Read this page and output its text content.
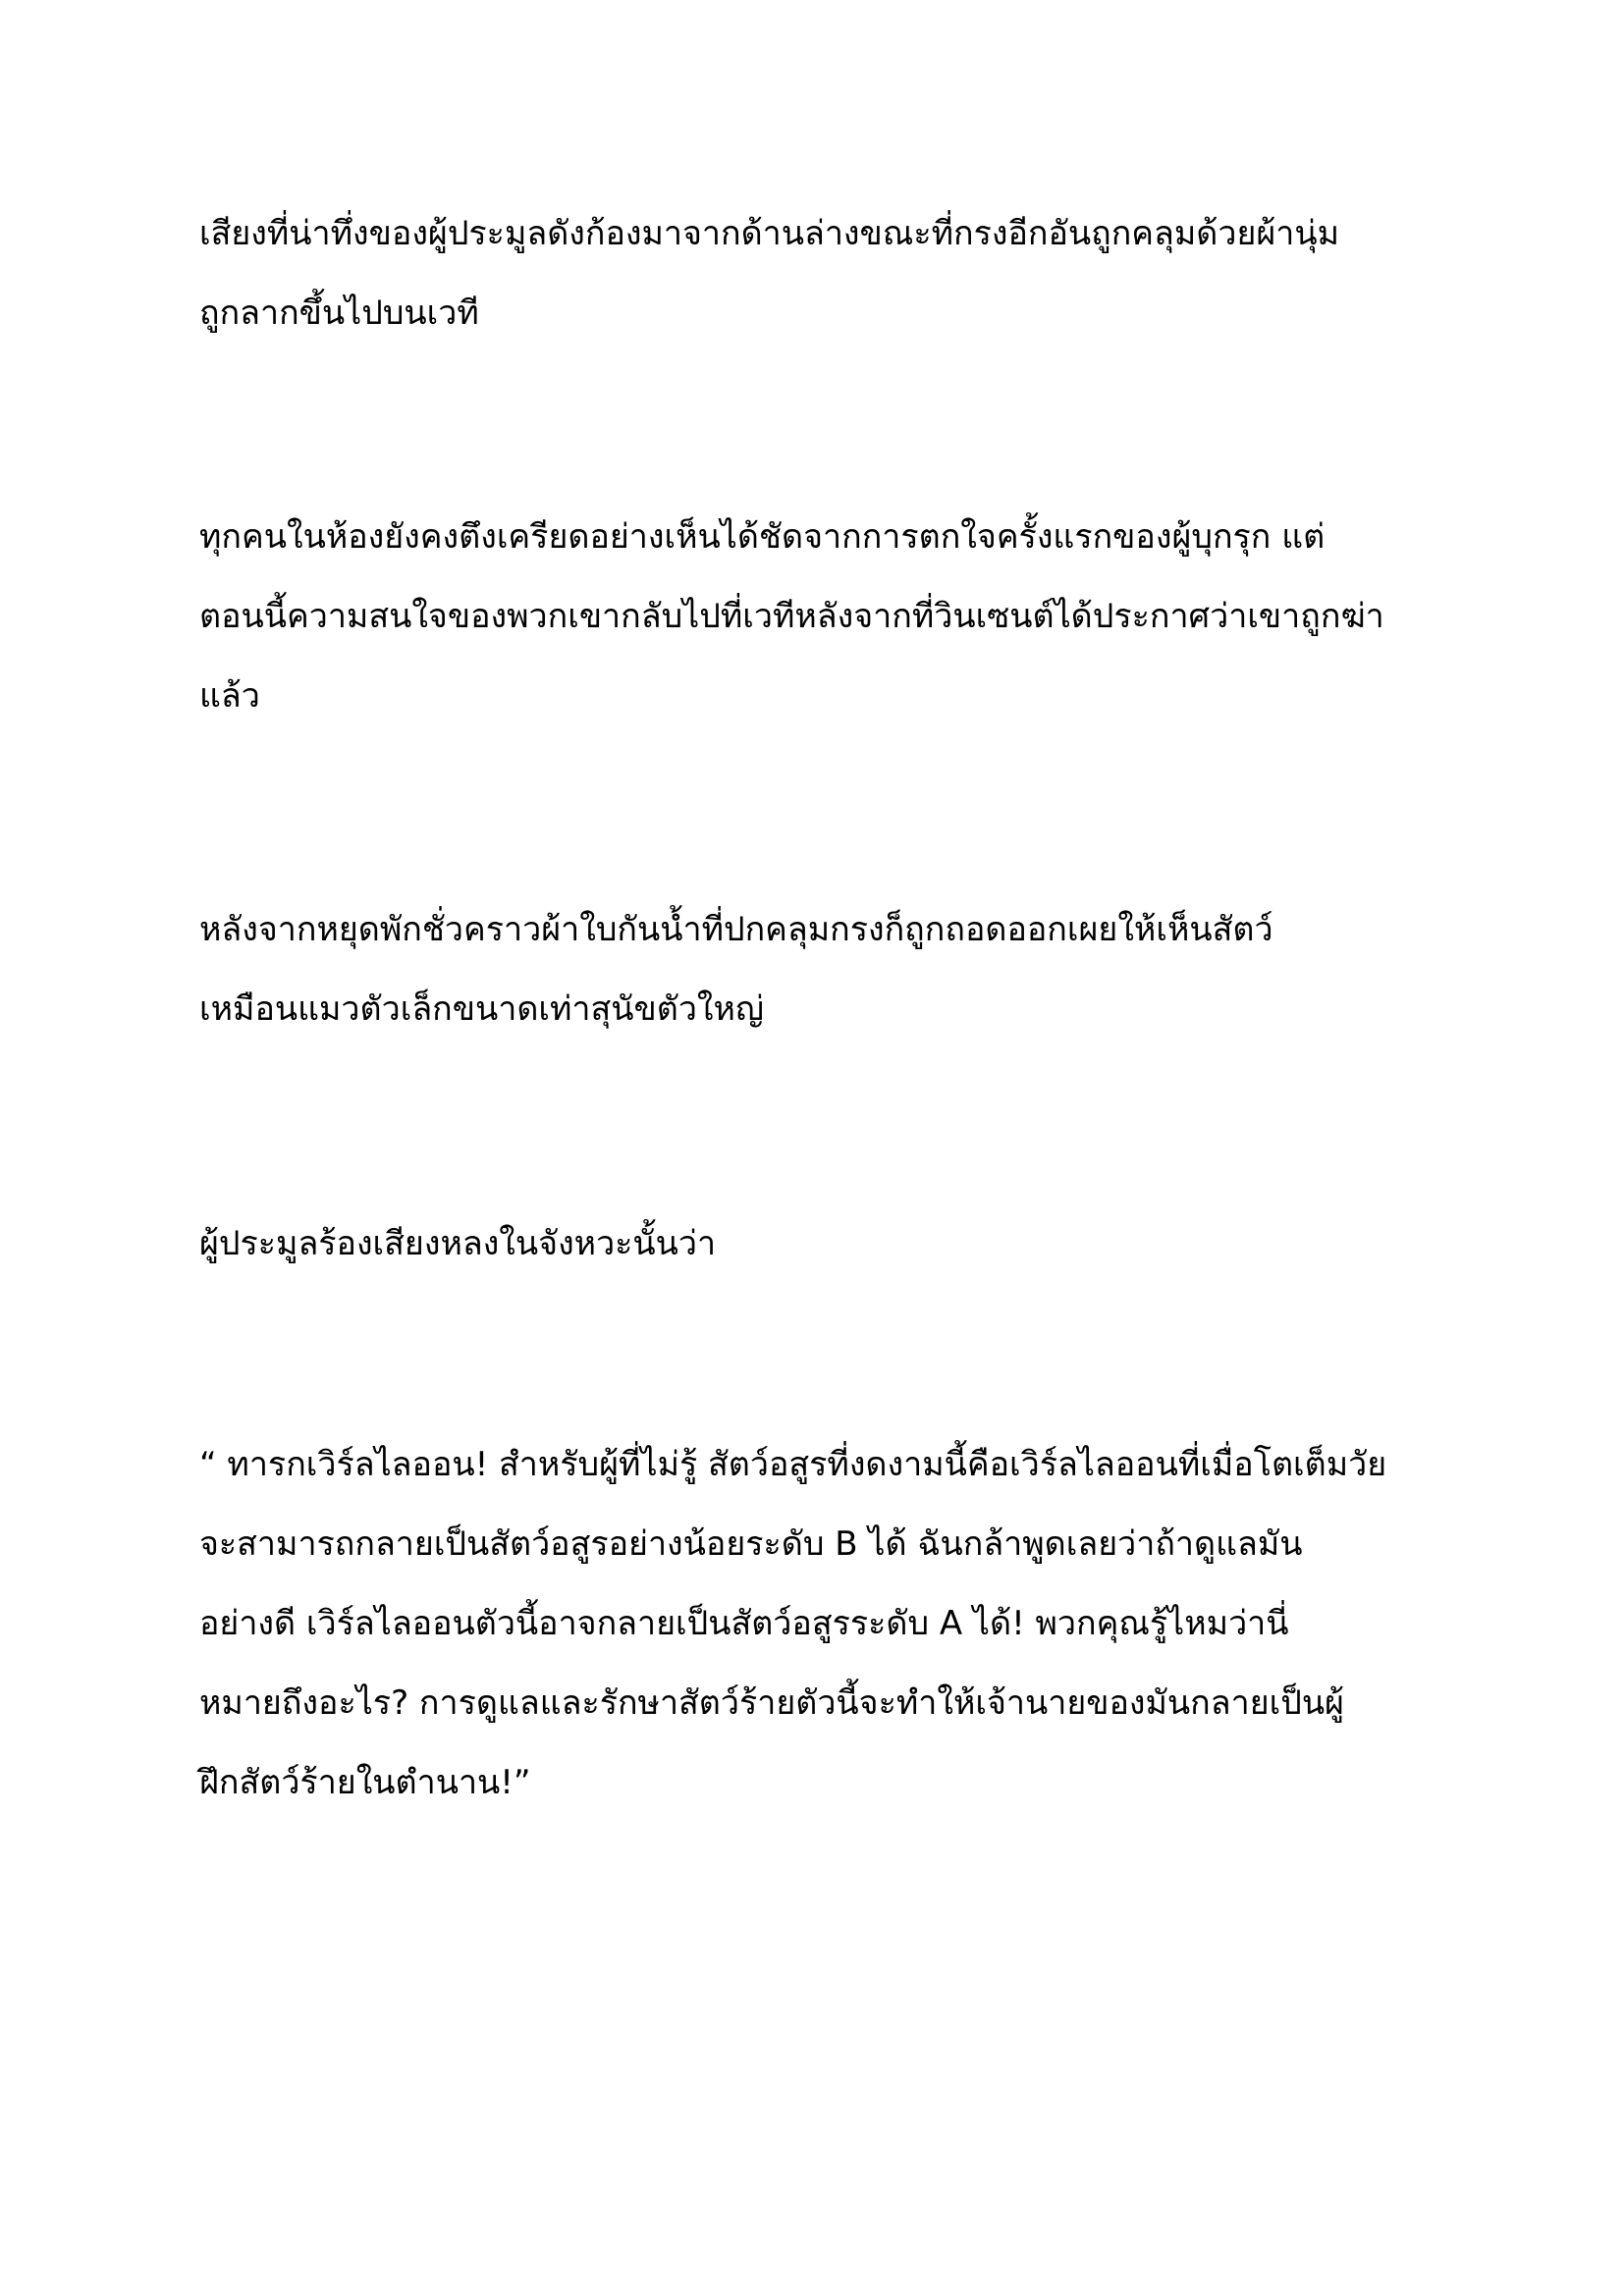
เสียงที่น่าทึ่งของผู้ประมูลดังก้องมาจากด้านล่างขณะที่กรงอีกอันถูกคลุมด้วยผ้านุ่ม
ถูกลากขึ้นไปบนเวที

ทุกคนในห้องยังคงตึงเครียดอย่างเห็นได้ชัดจากการตกใจครั้งแรกของผู้บุกรุก แต่
ตอนนี้ความสนใจของพวกเขากลับไปที่เวทีหลังจากที่วินเซนต์ได้ประกาศว่าเขาถูกฆ่า
แล้ว

หลังจากหยุดพักชั่วคราวผ้าใบกันน้ำที่ปกคลุมกรงก็ถูกถอดออกเผยให้เห็นสัตว์
เหมือนแมวตัวเล็กขนาดเท่าสุนัขตัวใหญ่

ผู้ประมูลร้องเสียงหลงในจังหวะนั้นว่า

“ ทารกเวิร์ลไลออน! สำหรับผู้ที่ไม่รู้ สัตว์อสูรที่งดงามนี้คือเวิร์ลไลออนที่เมื่อโตเต็มวัย
จะสามารถกลายเป็นสัตว์อสูรอย่างน้อยระดับ B ได้ ฉันกล้าพูดเลยว่าถ้าดูแลมัน
อย่างดี เวิร์ลไลออนตัวนี้อาจกลายเป็นสัตว์อสูรระดับ A ได้! พวกคุณรู้ไหมว่านี่
หมายถึงอะไร? การดูแลและรักษาสัตว์ร้ายตัวนี้จะทำให้เจ้านายของมันกลายเป็นผู้
ฝึกสัตว์ร้ายในตำนาน!”
